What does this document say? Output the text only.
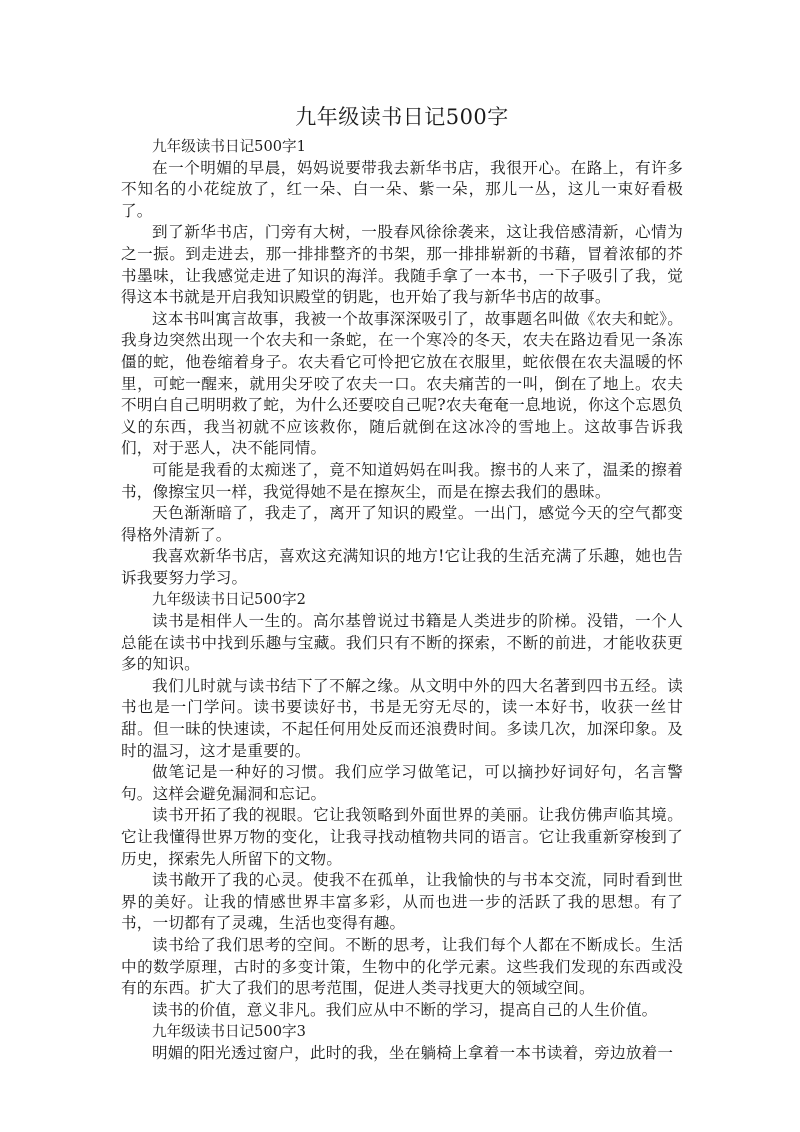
九年级读书日记500字

九年级读书日记500字1

在一个明媚的早晨，妈妈说要带我去新华书店，我很开心。在路上，有许多不知名的小花绽放了，红一朵、白一朵、紫一朵，那儿一丛，这儿一束好看极了。

到了新华书店，门旁有大树，一股春风徐徐袭来，这让我倍感清新，心情为之一振。到走进去，那一排排整齐的书架，那一排排崭新的书藉，冒着浓郁的芥书墨味，让我感觉走进了知识的海洋。我随手拿了一本书，一下子吸引了我，觉得这本书就是开启我知识殿堂的钥匙，也开始了我与新华书店的故事。

这本书叫寓言故事，我被一个故事深深吸引了，故事题名叫做《农夫和蛇》。我身边突然出现一个农夫和一条蛇，在一个寒冷的冬天，农夫在路边看见一条冻僵的蛇，他卷缩着身子。农夫看它可怜把它放在衣服里，蛇依偎在农夫温暖的怀里，可蛇一醒来，就用尖牙咬了农夫一口。农夫痛苦的一叫，倒在了地上。农夫不明白自己明明救了蛇，为什么还要咬自己呢?农夫奄奄一息地说，你这个忘恩负义的东西，我当初就不应该救你，随后就倒在这冰冷的雪地上。这故事告诉我们，对于恶人，决不能同情。

可能是我看的太痴迷了，竟不知道妈妈在叫我。擦书的人来了，温柔的擦着书，像擦宝贝一样，我觉得她不是在擦灰尘，而是在擦去我们的愚昧。

天色渐渐暗了，我走了，离开了知识的殿堂。一出门，感觉今天的空气都变得格外清新了。

我喜欢新华书店，喜欢这充满知识的地方!它让我的生活充满了乐趣，她也告诉我要努力学习。

九年级读书日记500字2

读书是相伴人一生的。高尔基曾说过书籍是人类进步的阶梯。没错，一个人总能在读书中找到乐趣与宝藏。我们只有不断的探索，不断的前进，才能收获更多的知识。

我们儿时就与读书结下了不解之缘。从文明中外的四大名著到四书五经。读书也是一门学问。读书要读好书，书是无穷无尽的，读一本好书，收获一丝甘甜。但一昧的快速读，不起任何用处反而还浪费时间。多读几次，加深印象。及时的温习，这才是重要的。

做笔记是一种好的习惯。我们应学习做笔记，可以摘抄好词好句，名言警句。这样会避免漏洞和忘记。

读书开拓了我的视眼。它让我领略到外面世界的美丽。让我仿佛声临其境。它让我懂得世界万物的变化，让我寻找动植物共同的语言。它让我重新穿梭到了历史，探索先人所留下的文物。

读书敞开了我的心灵。使我不在孤单，让我愉快的与书本交流，同时看到世界的美好。让我的情感世界丰富多彩，从而也进一步的活跃了我的思想。有了书，一切都有了灵魂，生活也变得有趣。

读书给了我们思考的空间。不断的思考，让我们每个人都在不断成长。生活中的数学原理，古时的多变计策，生物中的化学元素。这些我们发现的东西或没有的东西。扩大了我们的思考范围，促进人类寻找更大的领域空间。

读书的价值，意义非凡。我们应从中不断的学习，提高自己的人生价值。

九年级读书日记500字3

明媚的阳光透过窗户，此时的我，坐在躺椅上拿着一本书读着，旁边放着一
